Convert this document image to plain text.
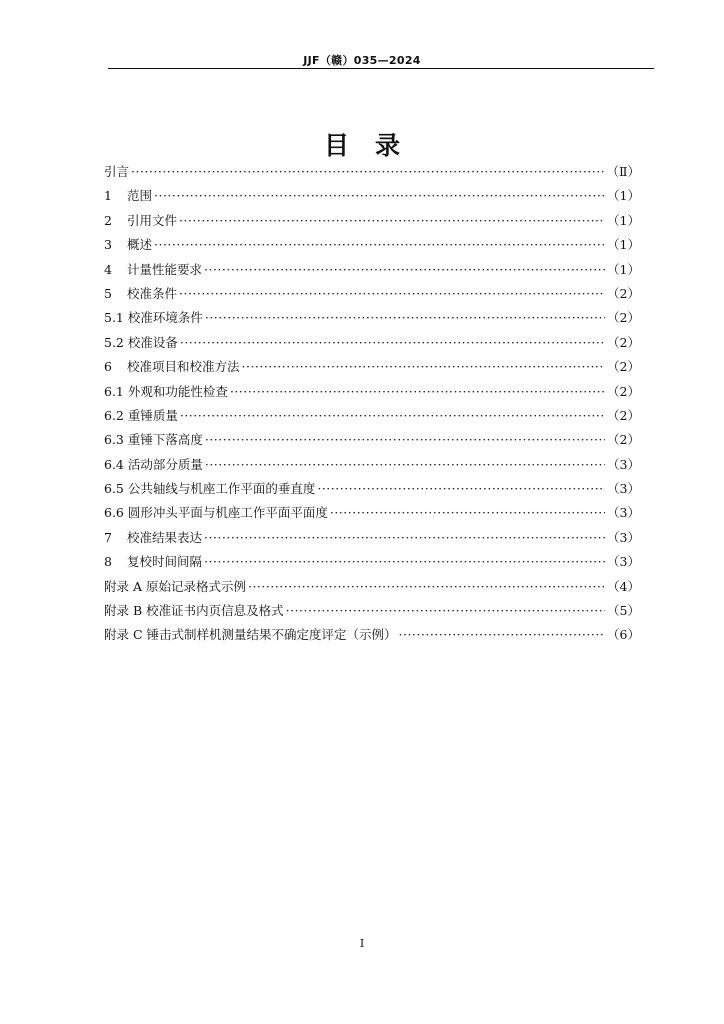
JJF（赣）035—2024
目 录
引言 ·····	（Ⅱ）
1	范围 ·····	（1）
2	引用文件 ·····	（1）
3	概述 ·····	（1）
4	计量性能要求 ·····	（1）
5	校准条件 ·····	（2）
5.1 校准环境条件 ·····	（2）
5.2 校准设备 ·····	（2）
6	校准项目和校准方法 ·····	（2）
6.1 外观和功能性检查 ·····	（2）
6.2 重锤质量 ·····	（2）
6.3 重锤下落高度 ·····	（2）
6.4 活动部分质量 ·····	（3）
6.5 公共轴线与机座工作平面的垂直度 ·····	（3）
6.6 圆形冲头平面与机座工作平面平面度 ·····	（3）
7	校准结果表达 ·····	（3）
8	复校时间间隔 ·····	（3）
附录 A 原始记录格式示例 ·····	（4）
附录 B 校准证书内页信息及格式 ·····	（5）
附录 C 锤击式制样机测量结果不确定度评定（示例） ·····	（6）
I
